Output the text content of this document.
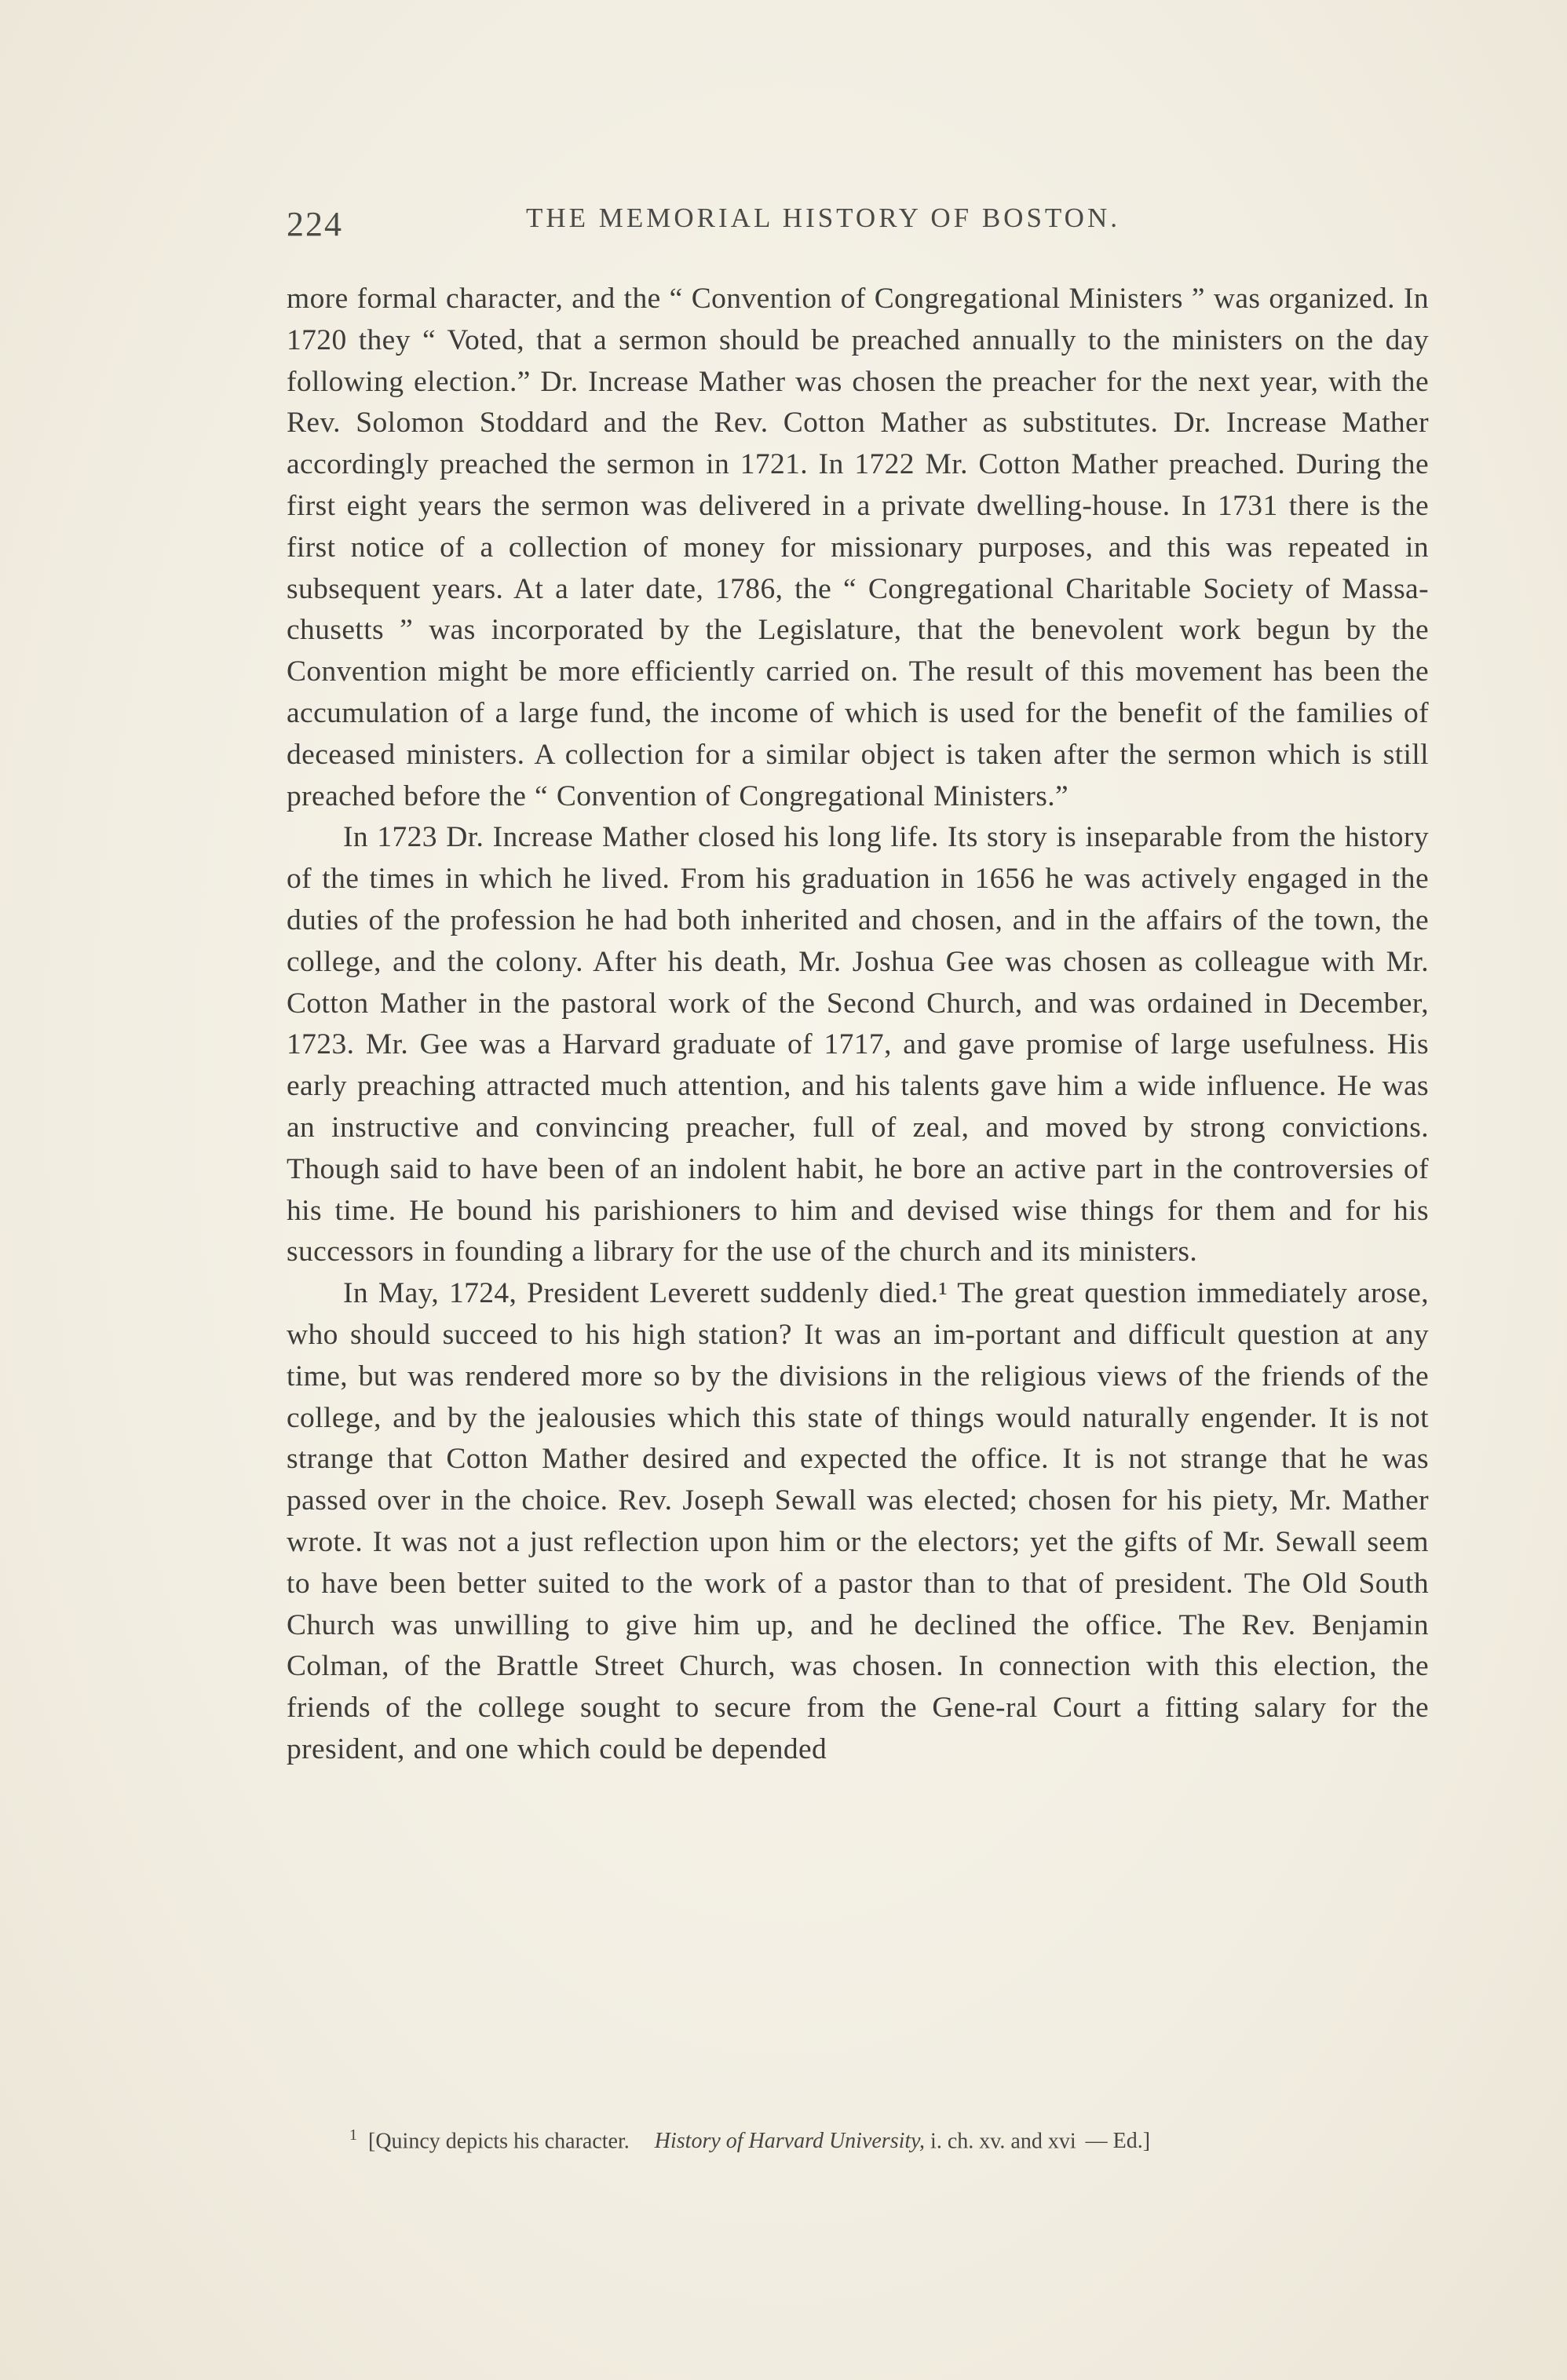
224	THE MEMORIAL HISTORY OF BOSTON.

more formal character, and the “ Convention of Congregational Ministers ” was organized. In 1720 they “ Voted, that a sermon should be preached annually to the ministers on the day following election.” Dr. Increase Mather was chosen the preacher for the next year, with the Rev. Solomon Stoddard and the Rev. Cotton Mather as substitutes. Dr. Increase Mather accordingly preached the sermon in 1721. In 1722 Mr. Cotton Mather preached. During the first eight years the sermon was delivered in a private dwelling-house. In 1731 there is the first notice of a collection of money for missionary purposes, and this was repeated in subsequent years. At a later date, 1786, the “ Congregational Charitable Society of Massa-chusetts ” was incorporated by the Legislature, that the benevolent work begun by the Convention might be more efficiently carried on. The result of this movement has been the accumulation of a large fund, the income of which is used for the benefit of the families of deceased ministers. A collection for a similar object is taken after the sermon which is still preached before the “ Convention of Congregational Ministers.”

In 1723 Dr. Increase Mather closed his long life. Its story is inseparable from the history of the times in which he lived. From his graduation in 1656 he was actively engaged in the duties of the profession he had both inherited and chosen, and in the affairs of the town, the college, and the colony. After his death, Mr. Joshua Gee was chosen as colleague with Mr. Cotton Mather in the pastoral work of the Second Church, and was ordained in December, 1723. Mr. Gee was a Harvard graduate of 1717, and gave promise of large usefulness. His early preaching attracted much attention, and his talents gave him a wide influence. He was an instructive and convincing preacher, full of zeal, and moved by strong convictions. Though said to have been of an indolent habit, he bore an active part in the controversies of his time. He bound his parishioners to him and devised wise things for them and for his successors in founding a library for the use of the church and its ministers.

In May, 1724, President Leverett suddenly died.¹ The great question immediately arose, who should succeed to his high station? It was an im-portant and difficult question at any time, but was rendered more so by the divisions in the religious views of the friends of the college, and by the jealousies which this state of things would naturally engender. It is not strange that Cotton Mather desired and expected the office. It is not strange that he was passed over in the choice. Rev. Joseph Sewall was elected; chosen for his piety, Mr. Mather wrote. It was not a just reflection upon him or the electors; yet the gifts of Mr. Sewall seem to have been better suited to the work of a pastor than to that of president. The Old South Church was unwilling to give him up, and he declined the office. The Rev. Benjamin Colman, of the Brattle Street Church, was chosen. In connection with this election, the friends of the college sought to secure from the Gene-ral Court a fitting salary for the president, and one which could be depended

$^1$ [Quincy depicts his character. History of Harvard University, i. ch. xv. and xvi — Ed.]
